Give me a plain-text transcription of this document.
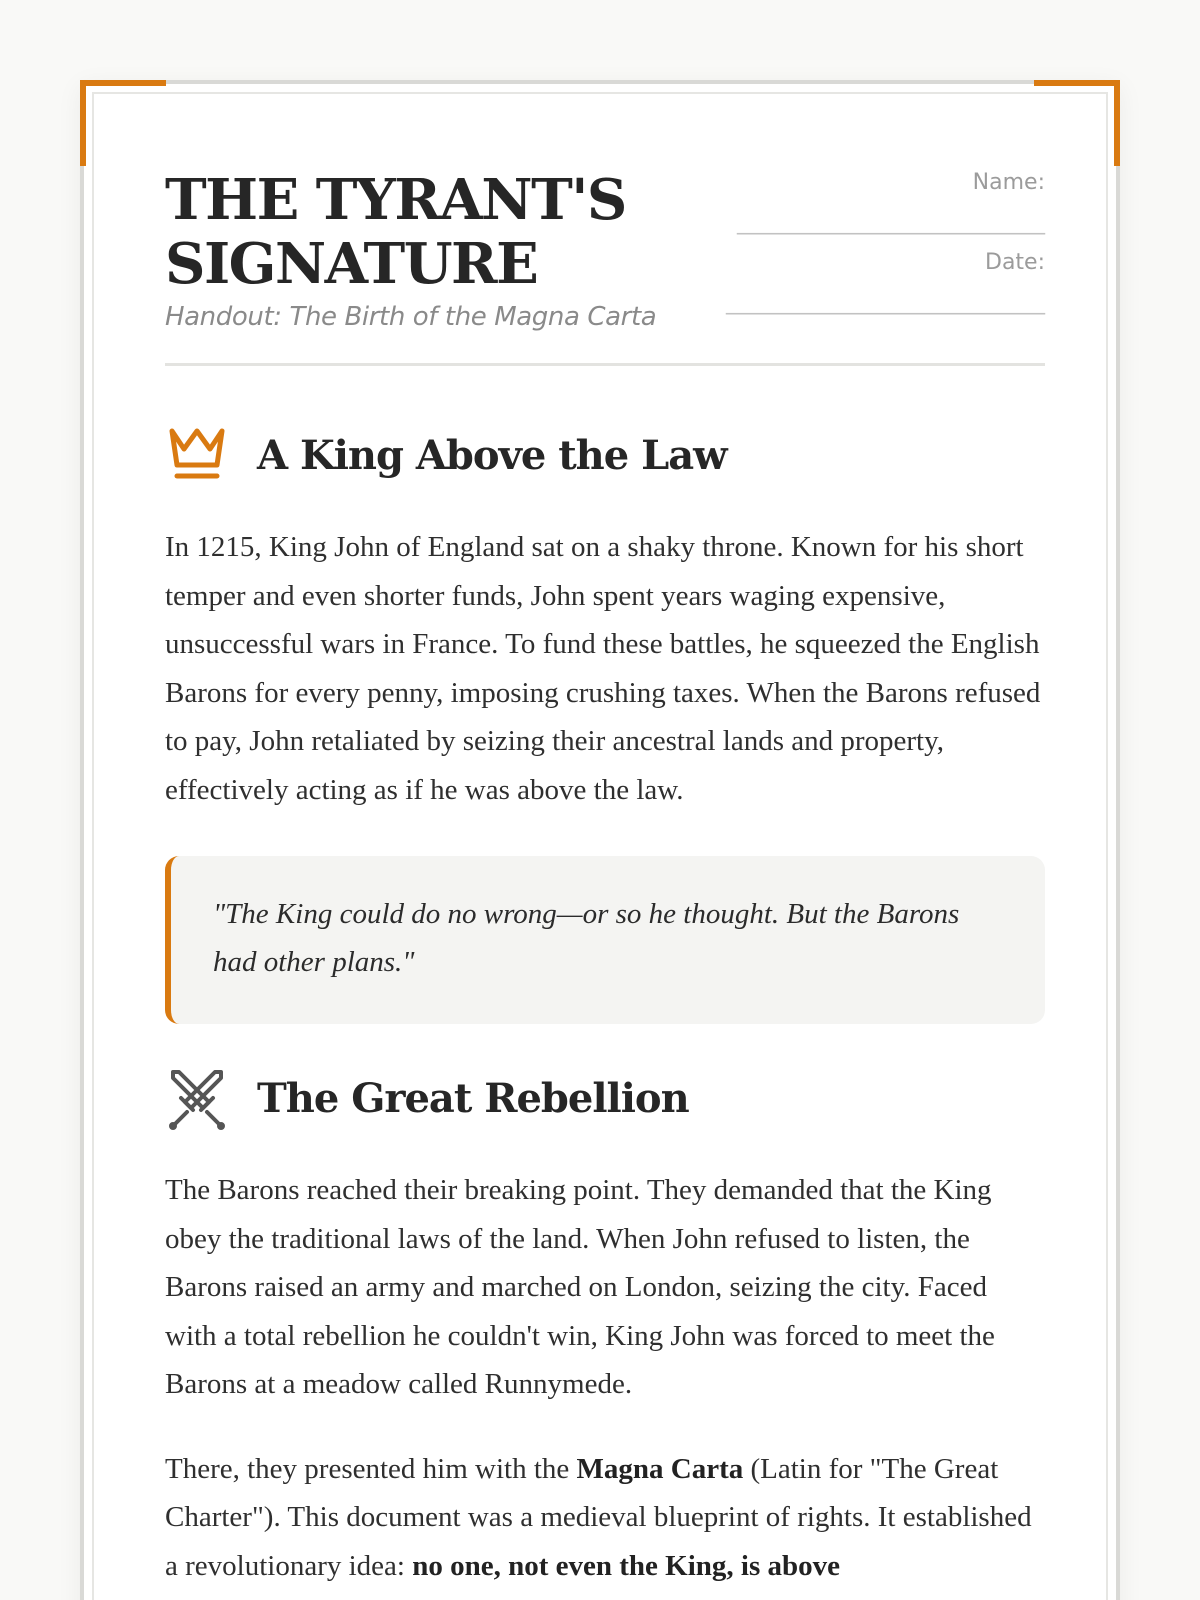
THE TYRANT'S SIGNATURE
Handout: The Birth of the Magna Carta
Name:
____________________________
Date:
_____________________________
A King Above the Law

In 1215, King John of England sat on a shaky throne. Known for his short temper and even shorter funds, John spent years waging expensive, unsuccessful wars in France. To fund these battles, he squeezed the English Barons for every penny, imposing crushing taxes. When the Barons refused to pay, John retaliated by seizing their ancestral lands and property, effectively acting as if he was above the law.

"The King could do no wrong—or so he thought. But the Barons had other plans."
The Great Rebellion

The Barons reached their breaking point. They demanded that the King obey the traditional laws of the land. When John refused to listen, the Barons raised an army and marched on London, seizing the city. Faced with a total rebellion he couldn't win, King John was forced to meet the Barons at a meadow called Runnymede.

There, they presented him with the Magna Carta (Latin for "The Great Charter"). This document was a medieval blueprint of rights. It established a revolutionary idea: no one, not even the King, is above
